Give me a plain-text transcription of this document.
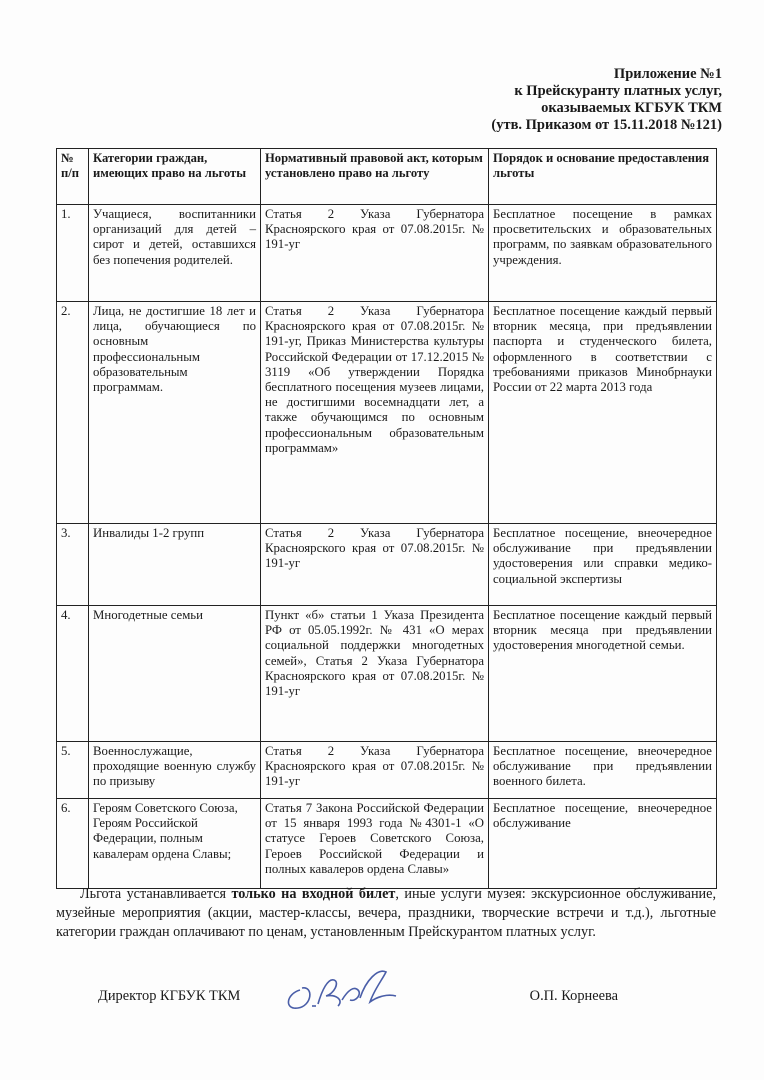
Приложение №1
к Прейскуранту платных услуг,
оказываемых КГБУК ТКМ
(утв. Приказом от 15.11.2018 №121)
№ п/п	Категории граждан, имеющих право на льготы	Нормативный правовой акт, которым установлено право на льготу	Порядок и основание предоставления льготы
1.	Учащиеся, воспитанники организаций для детей – сирот и детей, оставшихся без попечения родителей.	Статья 2 Указа Губернатора Красноярского края от 07.08.2015г. № 191-уг	Бесплатное посещение в рамках просветительских и образовательных программ, по заявкам образовательного учреждения.
2.	Лица, не достигшие 18 лет и лица, обучающиеся по основным профессиональным образовательным программам.	Статья 2 Указа Губернатора Красноярского края от 07.08.2015г. № 191-уг, Приказ Министерства культуры Российской Федерации от 17.12.2015 № 3119 «Об утверждении Порядка бесплатного посещения музеев лицами, не достигшими восемнадцати лет, а также обучающимся по основным профессиональным образовательным программам»	Бесплатное посещение каждый первый вторник месяца, при предъявлении паспорта и студенческого билета, оформленного в соответствии с требованиями приказов Минобрнауки России от 22 марта 2013 года
3.	Инвалиды 1-2 групп	Статья 2 Указа Губернатора Красноярского края от 07.08.2015г. № 191-уг	Бесплатное посещение, внеочередное обслуживание при предъявлении удостоверения или справки медико-социальной экспертизы
4.	Многодетные семьи	Пункт «б» статьи 1 Указа Президента РФ от 05.05.1992г. № 431 «О мерах социальной поддержки многодетных семей», Статья 2 Указа Губернатора Красноярского края от 07.08.2015г. № 191-уг	Бесплатное посещение каждый первый вторник месяца при предъявлении удостоверения многодетной семьи.
5.	Военнослужащие, проходящие военную службу по призыву	Статья 2 Указа Губернатора Красноярского края от 07.08.2015г. № 191-уг	Бесплатное посещение, внеочередное обслуживание при предъявлении военного билета.
6.	Героям Советского Союза, Героям Российской Федерации, полным кавалерам ордена Славы;	Статья 7 Закона Российской Федерации от 15 января 1993 года №4301-1 «О статусе Героев Советского Союза, Героев Российской Федерации и полных кавалеров ордена Славы»	Бесплатное посещение, внеочередное обслуживание
Льгота устанавливается только на входной билет, иные услуги музея: экскурсионное обслуживание, музейные мероприятия (акции, мастер-классы, вечера, праздники, творческие встречи и т.д.), льготные категории граждан оплачивают по ценам, установленным Прейскурантом платных услуг.
Директор КГБУК ТКМ	О.П. Корнеева
